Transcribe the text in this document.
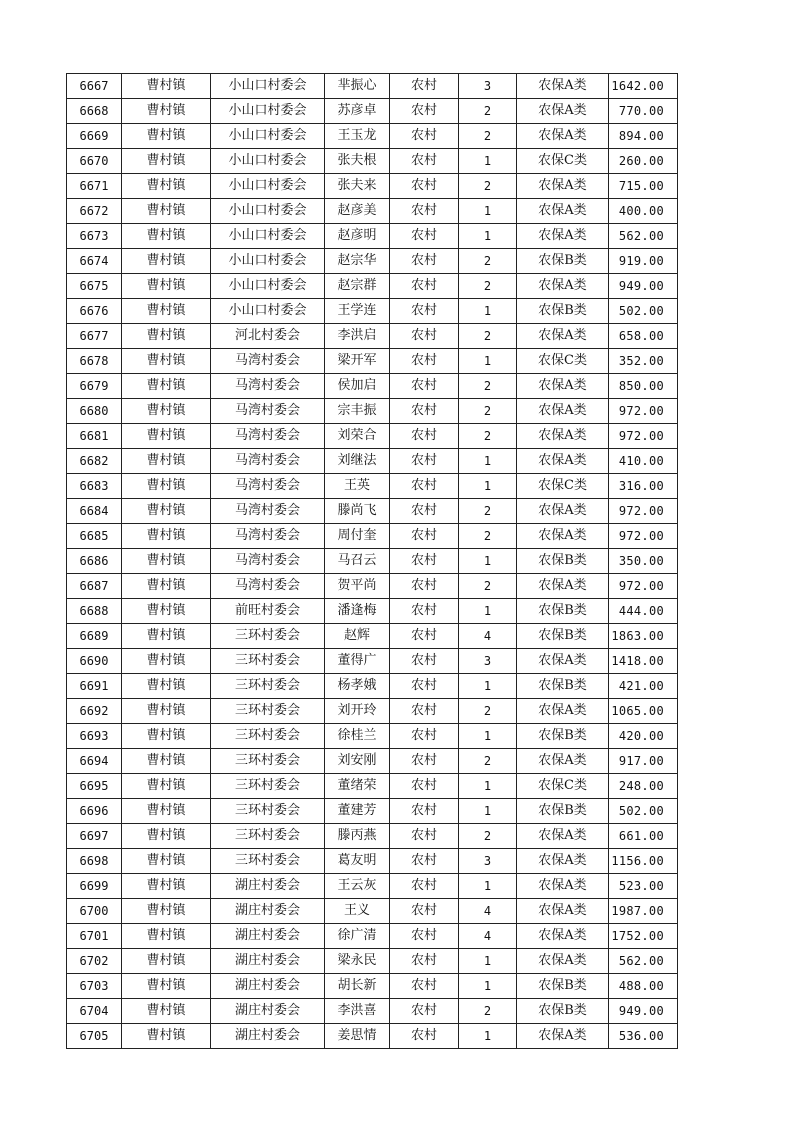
6667	曹村镇	小山口村委会	芈振心	农村	3	农保A类	1642.00
6668	曹村镇	小山口村委会	苏彦卓	农村	2	农保A类	770.00
6669	曹村镇	小山口村委会	王玉龙	农村	2	农保A类	894.00
6670	曹村镇	小山口村委会	张夫根	农村	1	农保C类	260.00
6671	曹村镇	小山口村委会	张夫来	农村	2	农保A类	715.00
6672	曹村镇	小山口村委会	赵彦美	农村	1	农保A类	400.00
6673	曹村镇	小山口村委会	赵彦明	农村	1	农保A类	562.00
6674	曹村镇	小山口村委会	赵宗华	农村	2	农保B类	919.00
6675	曹村镇	小山口村委会	赵宗群	农村	2	农保A类	949.00
6676	曹村镇	小山口村委会	王学连	农村	1	农保B类	502.00
6677	曹村镇	河北村委会	李洪启	农村	2	农保A类	658.00
6678	曹村镇	马湾村委会	梁开军	农村	1	农保C类	352.00
6679	曹村镇	马湾村委会	侯加启	农村	2	农保A类	850.00
6680	曹村镇	马湾村委会	宗丰振	农村	2	农保A类	972.00
6681	曹村镇	马湾村委会	刘荣合	农村	2	农保A类	972.00
6682	曹村镇	马湾村委会	刘继法	农村	1	农保A类	410.00
6683	曹村镇	马湾村委会	王英	农村	1	农保C类	316.00
6684	曹村镇	马湾村委会	滕尚飞	农村	2	农保A类	972.00
6685	曹村镇	马湾村委会	周付奎	农村	2	农保A类	972.00
6686	曹村镇	马湾村委会	马召云	农村	1	农保B类	350.00
6687	曹村镇	马湾村委会	贺平尚	农村	2	农保A类	972.00
6688	曹村镇	前旺村委会	潘逢梅	农村	1	农保B类	444.00
6689	曹村镇	三环村委会	赵辉	农村	4	农保B类	1863.00
6690	曹村镇	三环村委会	董得广	农村	3	农保A类	1418.00
6691	曹村镇	三环村委会	杨孝娥	农村	1	农保B类	421.00
6692	曹村镇	三环村委会	刘开玲	农村	2	农保A类	1065.00
6693	曹村镇	三环村委会	徐桂兰	农村	1	农保B类	420.00
6694	曹村镇	三环村委会	刘安刚	农村	2	农保A类	917.00
6695	曹村镇	三环村委会	董绪荣	农村	1	农保C类	248.00
6696	曹村镇	三环村委会	董建芳	农村	1	农保B类	502.00
6697	曹村镇	三环村委会	滕丙燕	农村	2	农保A类	661.00
6698	曹村镇	三环村委会	葛友明	农村	3	农保A类	1156.00
6699	曹村镇	湖庄村委会	王云灰	农村	1	农保A类	523.00
6700	曹村镇	湖庄村委会	王义	农村	4	农保A类	1987.00
6701	曹村镇	湖庄村委会	徐广清	农村	4	农保A类	1752.00
6702	曹村镇	湖庄村委会	梁永民	农村	1	农保A类	562.00
6703	曹村镇	湖庄村委会	胡长新	农村	1	农保B类	488.00
6704	曹村镇	湖庄村委会	李洪喜	农村	2	农保B类	949.00
6705	曹村镇	湖庄村委会	姜思情	农村	1	农保A类	536.00
